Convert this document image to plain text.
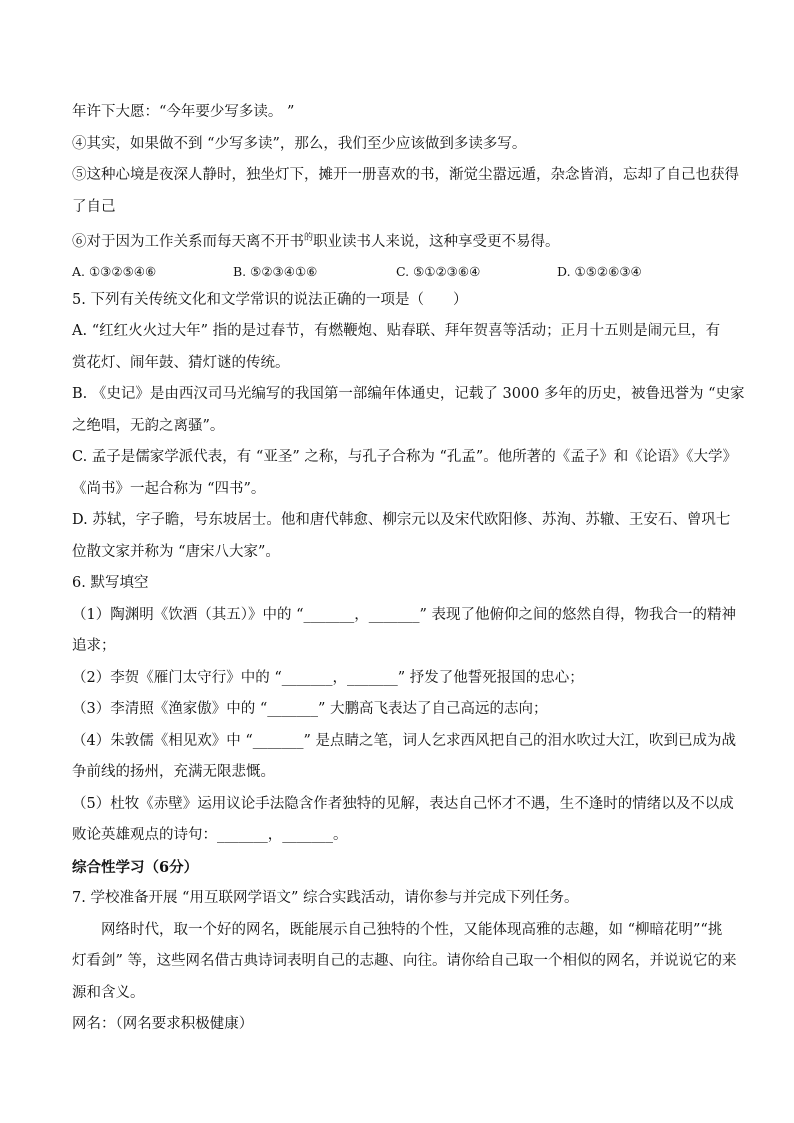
年许下大愿：“今年要少写多读。 ”
④其实，如果做不到 “少写多读”，那么，我们至少应该做到多读多写。
⑤这种心境是夜深人静时，独坐灯下，摊开一册喜欢的书，渐觉尘嚣远遁，杂念皆消，忘却了自己也获得
了自己
⑥对于因为工作关系而每天离不开书$^的$职业读书人来说，这种享受更不易得。
A. ①③②⑤④⑥	B. ⑤②③④①⑥	C. ⑤①②③⑥④	D. ①⑤②⑥③④
5. 下列有关传统文化和文学常识的说法正确的一项是（　　）
A. “红红火火过大年” 指的是过春节，有燃鞭炮、贴春联、拜年贺喜等活动；正月十五则是闹元旦，有
赏花灯、闹年鼓、猜灯谜的传统。
B. 《史记》是由西汉司马光编写的我国第一部编年体通史，记载了 3000 多年的历史，被鲁迅誉为 “史家
之绝唱，无韵之离骚”。
C. 孟子是儒家学派代表，有 “亚圣” 之称，与孔子合称为 “孔孟”。他所著的《孟子》和《论语》《大学》
《尚书》一起合称为 “四书”。
D. 苏轼，字子瞻，号东坡居士。他和唐代韩愈、柳宗元以及宋代欧阳修、苏洵、苏辙、王安石、曾巩七
位散文家并称为 “唐宋八大家”。
6. 默写填空
（1）陶渊明《饮酒（其五）》中的 “_______，_______” 表现了他俯仰之间的悠然自得，物我合一的精神
追求；
（2）李贺《雁门太守行》中的 “_______，_______” 抒发了他誓死报国的忠心；
（3）李清照《渔家傲》中的 “_______” 大鹏高飞表达了自己高远的志向；
（4）朱敦儒《相见欢》中 “_______” 是点睛之笔，词人乞求西风把自己的泪水吹过大江，吹到已成为战
争前线的扬州，充满无限悲慨。
（5）杜牧《赤壁》运用议论手法隐含作者独特的见解，表达自己怀才不遇，生不逢时的情绪以及不以成
败论英雄观点的诗句：_______，_______。
综合性学习（6分）
7. 学校准备开展 “用互联网学语文” 综合实践活动，请你参与并完成下列任务。
网络时代，取一个好的网名，既能展示自己独特的个性，又能体现高雅的志趣，如 “柳暗花明”“挑
灯看剑” 等，这些网名借古典诗词表明自己的志趣、向往。请你给自己取一个相似的网名，并说说它的来
源和含义。
网名：（网名要求积极健康）
